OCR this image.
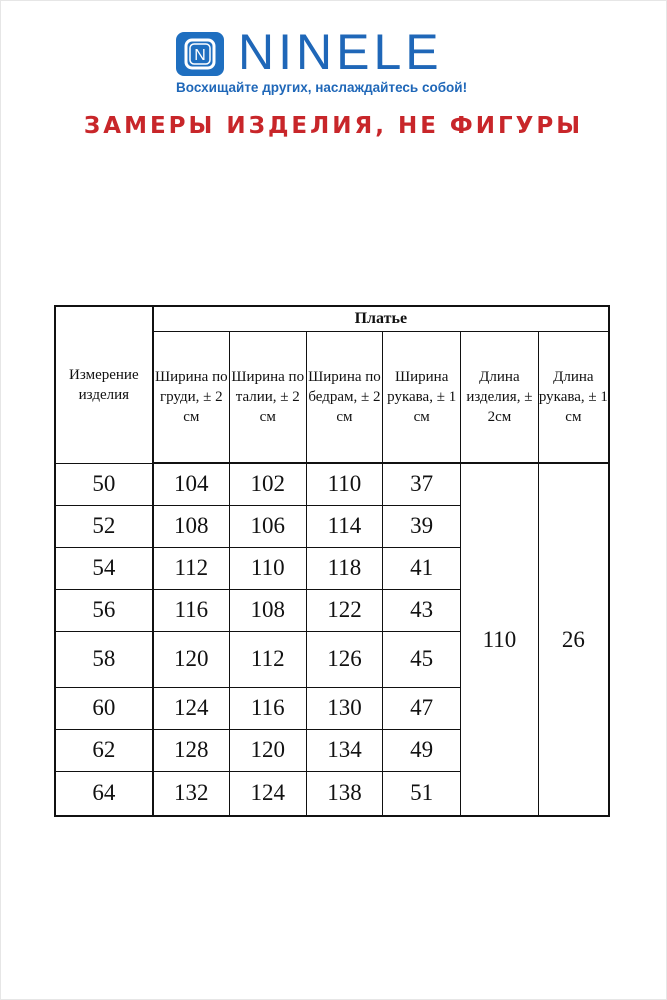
N NINELE
Восхищайте других, наслаждайтесь собой!
ЗАМЕРЫ ИЗДЕЛИЯ, НЕ ФИГУРЫ
Измерение изделия	Платье					
	Ширина по груди, ± 2 см	Ширина по талии, ± 2 см	Ширина по бедрам, ± 2 см	Ширина рукава, ± 1 см	Длина изделия, ± 2см	Длина рукава, ± 1 см
50	104	102	110	37	110	26
52	108	106	114	39		
54	112	110	118	41		
56	116	108	122	43		
58	120	112	126	45		
60	124	116	130	47		
62	128	120	134	49		
64	132	124	138	51		
